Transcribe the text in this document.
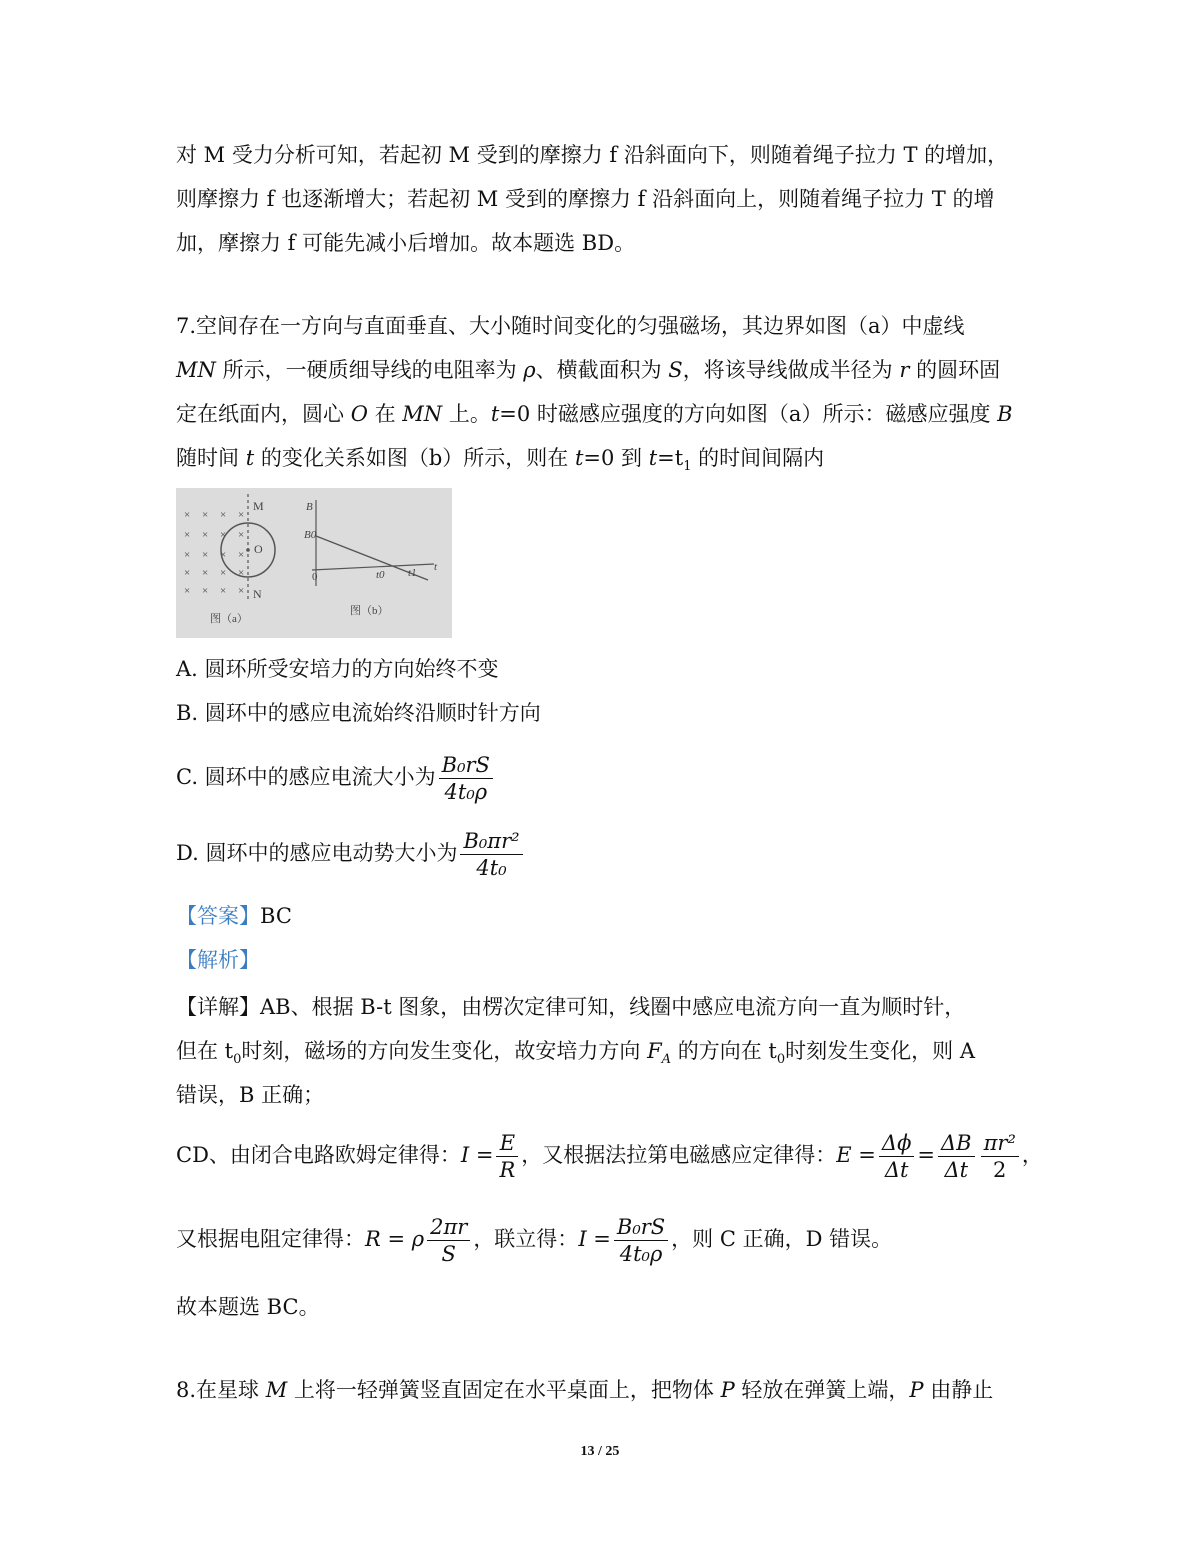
对 M 受力分析可知，若起初 M 受到的摩擦力 f 沿斜面向下，则随着绳子拉力 T 的增加，
则摩擦力 f 也逐渐增大；若起初 M 受到的摩擦力 f 沿斜面向上，则随着绳子拉力 T 的增
加，摩擦力 f 可能先减小后增加。故本题选 BD。
7.空间存在一方向与直面垂直、大小随时间变化的匀强磁场，其边界如图（a）中虚线
MN 所示，一硬质细导线的电阻率为 ρ、横截面积为 S，将该导线做成半径为 r 的圆环固
定在纸面内，圆心 O 在 MN 上。t=0 时磁感应强度的方向如图（a）所示：磁感应强度 B
随时间 t 的变化关系如图（b）所示，则在 t=0 到 $t=t_1$ 的时间间隔内
× × × ×
× × × ×
× × × ×
× × × ×
× × × ×
M
O
N
图（a）
B
B0
0	t0 t1 t
图（b）
A. 圆环所受安培力的方向始终不变
B. 圆环中的感应电流始终沿顺时针方向
C. 圆环中的感应电流大小为 $\frac{\text{B₀rS}}{\text{4t₀ρ}}$
D. 圆环中的感应电动势大小为 $\frac{\text{B₀πr²}}{\text{4t₀}}$
【答案】BC
【解析】
【详解】AB、根据 B-t 图象，由楞次定律可知，线圈中感应电流方向一直为顺时针，
但在 $t_0$时刻，磁场的方向发生变化，故安培力方向 $F_A$ 的方向在 $t_0$时刻发生变化，则 A
错误，B 正确；
CD、由闭合电路欧姆定律得：$I = \frac{E}{R}$ ，又根据法拉第电磁感应定律得：$E = \frac{\Delta\phi}{\Delta t} = \frac{\Delta B}{\Delta t} \frac{\text{πr²}}{2}$ ，
又根据电阻定律得：R = ρ $\frac{2\pi r}{S}$ ，联立得：$I = \frac{\text{B₀rS}}{\text{4t₀ρ}}$ ，则 C 正确，D 错误。
故本题选 BC。
8.在星球 M 上将一轻弹簧竖直固定在水平桌面上，把物体 P 轻放在弹簧上端，P 由静止
13 / 25
